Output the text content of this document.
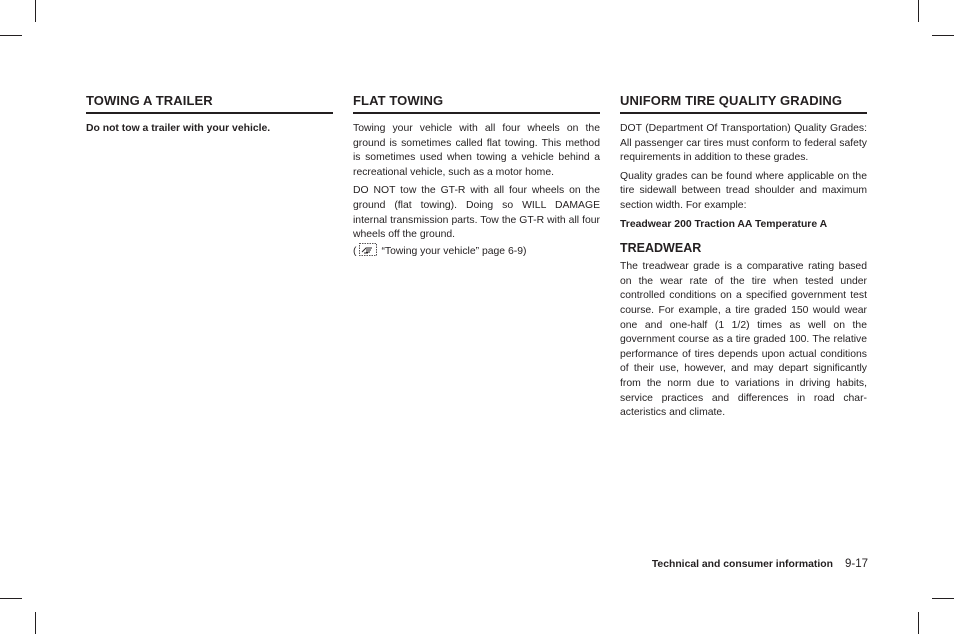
TOWING A TRAILER
Do not tow a trailer with your vehicle.
FLAT TOWING

Towing your vehicle with all four wheels on the ground is sometimes called flat towing. This method is sometimes used when towing a vehicle behind a recreational vehicle, such as a motor home.

DO NOT tow the GT-R with all four wheels on the ground (flat towing). Doing so WILL DAMAGE internal transmission parts. Tow the GT-R with all four wheels off the ground.
( “Towing your vehicle” page 6-9)

UNIFORM TIRE QUALITY GRADING

DOT (Department Of Transportation) Quality Grades: All passenger car tires must conform to federal safety requirements in addition to these grades.

Quality grades can be found where applicable on the tire sidewall between tread shoulder and maximum section width. For example:

Treadwear 200 Traction AA Temperature A
TREADWEAR

The treadwear grade is a comparative rating based on the wear rate of the tire when tested under controlled conditions on a specified government test course. For example, a tire graded 150 would wear one and one-half (1 1/2) times as well on the government course as a tire graded 100. The relative performance of tires depends upon actual conditions of their use, however, and may depart significantly from the norm due to variations in driving habits, service practices and differences in road char-acteristics and climate.

Technical and consumer information 9-17
